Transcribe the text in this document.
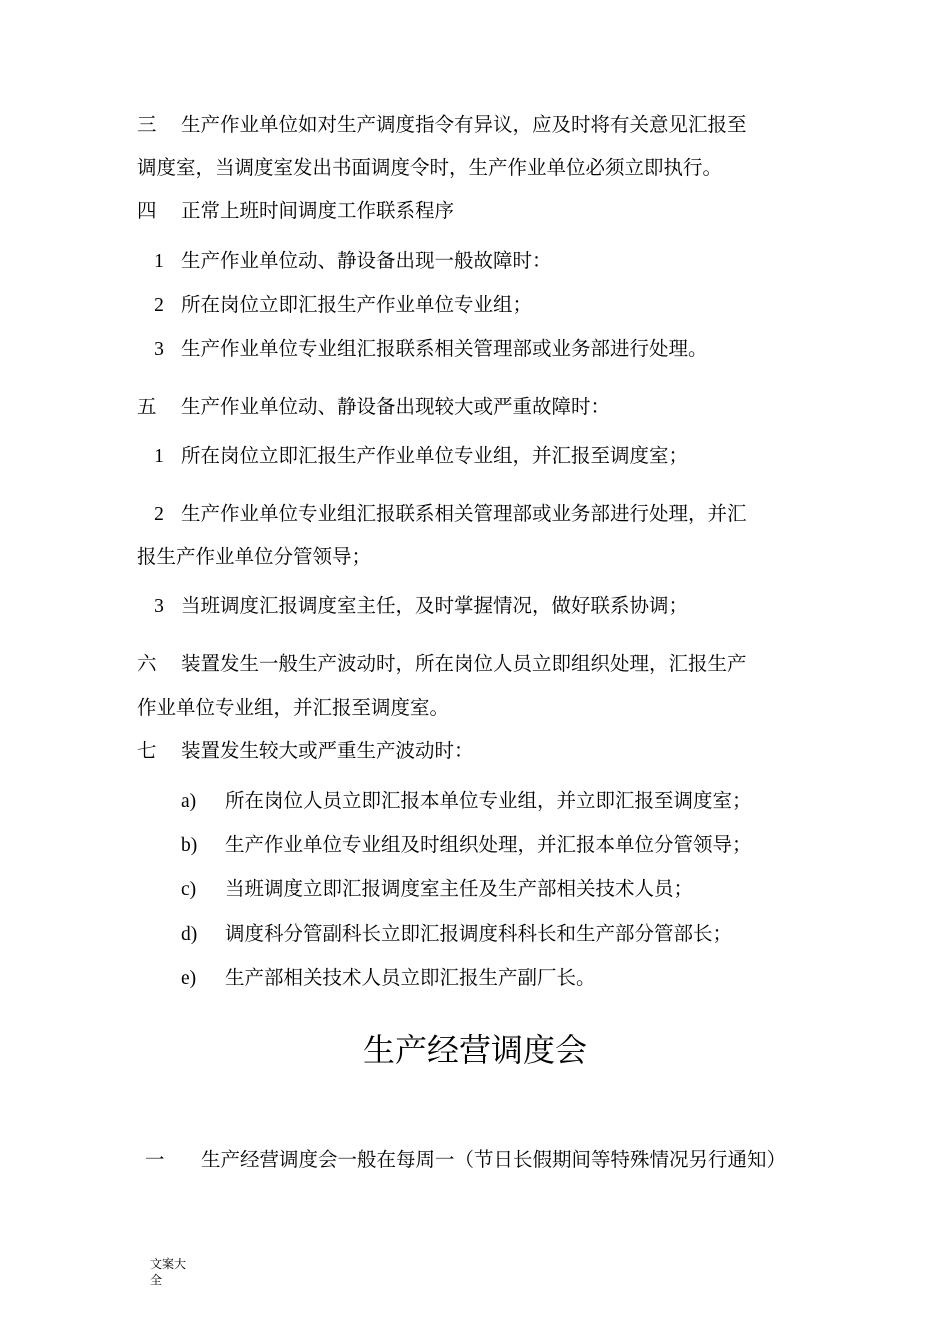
三 生产作业单位如对生产调度指令有异议，应及时将有关意见汇报至
调度室，当调度室发出书面调度令时，生产作业单位必须立即执行。
四 正常上班时间调度工作联系程序
1 生产作业单位动、静设备出现一般故障时：
2 所在岗位立即汇报生产作业单位专业组；
3 生产作业单位专业组汇报联系相关管理部或业务部进行处理。
五 生产作业单位动、静设备出现较大或严重故障时：
1 所在岗位立即汇报生产作业单位专业组，并汇报至调度室；
2 生产作业单位专业组汇报联系相关管理部或业务部进行处理，并汇
报生产作业单位分管领导；
3 当班调度汇报调度室主任，及时掌握情况，做好联系协调；
六 装置发生一般生产波动时，所在岗位人员立即组织处理，汇报生产
作业单位专业组，并汇报至调度室。
七 装置发生较大或严重生产波动时：
a) 所在岗位人员立即汇报本单位专业组，并立即汇报至调度室；
b) 生产作业单位专业组及时组织处理，并汇报本单位分管领导；
c) 当班调度立即汇报调度室主任及生产部相关技术人员；
d) 调度科分管副科长立即汇报调度科科长和生产部分管部长；
e) 生产部相关技术人员立即汇报生产副厂长。
生产经营调度会
一 生产经营调度会一般在每周一（节日长假期间等特殊情况另行通知）
文案大全
